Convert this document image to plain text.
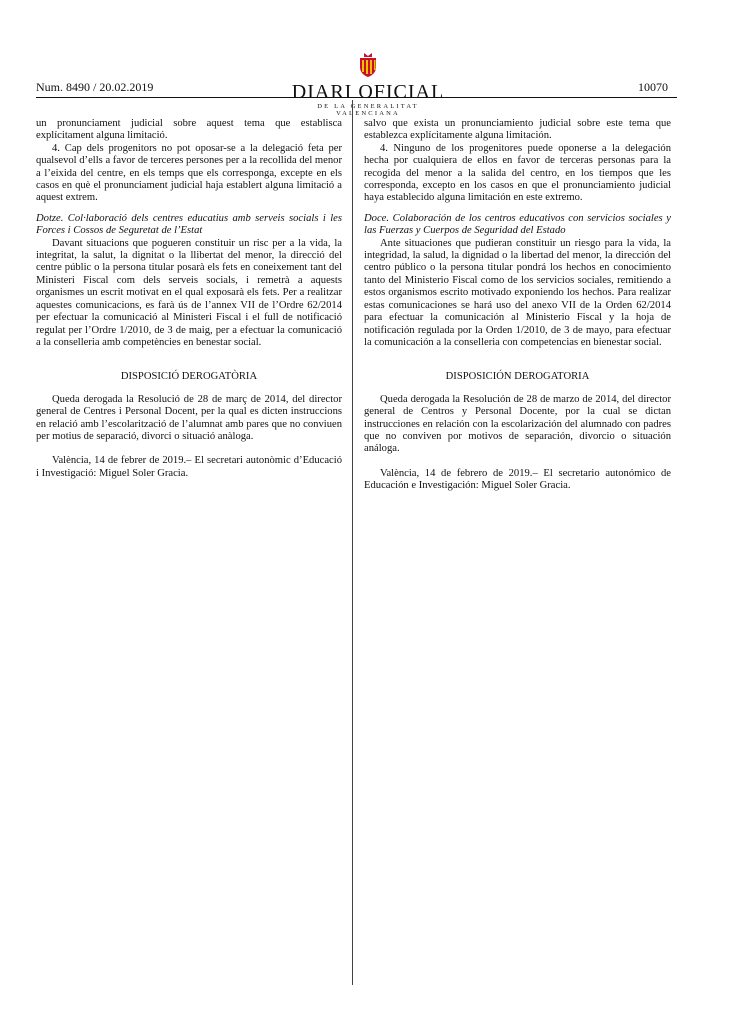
Num. 8490 / 20.02.2019	DIARI OFICIAL
DE LA GENERALITAT VALENCIANA
10070

un pronunciament judicial sobre aquest tema que establisca explícitament alguna limitació.

4. Cap dels progenitors no pot oposar-se a la delegació feta per qualsevol d’ells a favor de terceres persones per a la recollida del menor a l’eixida del centre, en els temps que els corresponga, excepte en els casos en què el pronunciament judicial haja establert alguna limitació a aquest extrem.

Dotze. Col·laboració dels centres educatius amb serveis socials i les Forces i Cossos de Seguretat de l’Estat

Davant situacions que pogueren constituir un risc per a la vida, la integritat, la salut, la dignitat o la llibertat del menor, la direcció del centre públic o la persona titular posarà els fets en coneixement tant del Ministeri Fiscal com dels serveis socials, i remetrà a aquests organismes un escrit motivat en el qual exposarà els fets. Per a realitzar aquestes comunicacions, es farà ús de l’annex VII de l’Ordre 62/2014 per efectuar la comunicació al Ministeri Fiscal i el full de notificació regulat per l’Ordre 1/2010, de 3 de maig, per a efectuar la comunicació a la conselleria amb competències en benestar social.

DISPOSICIÓ DEROGATÒRIA

Queda derogada la Resolució de 28 de març de 2014, del director general de Centres i Personal Docent, per la qual es dicten instruccions en relació amb l’escolarització de l’alumnat amb pares que no conviuen per motius de separació, divorci o situació anàloga.

València, 14 de febrer de 2019.– El secretari autonòmic d’Educació i Investigació: Miguel Soler Gracia.

salvo que exista un pronunciamiento judicial sobre este tema que establezca explícitamente alguna limitación.

4. Ninguno de los progenitores puede oponerse a la delegación hecha por cualquiera de ellos en favor de terceras personas para la recogida del menor a la salida del centro, en los tiempos que les corresponda, excepto en los casos en que el pronunciamiento judicial haya establecido alguna limitación en este extremo.

Doce. Colaboración de los centros educativos con servicios sociales y las Fuerzas y Cuerpos de Seguridad del Estado

Ante situaciones que pudieran constituir un riesgo para la vida, la integridad, la salud, la dignidad o la libertad del menor, la dirección del centro público o la persona titular pondrá los hechos en conocimiento tanto del Ministerio Fiscal como de los servicios sociales, remitiendo a estos organismos escrito motivado exponiendo los hechos. Para realizar estas comunicaciones se hará uso del anexo VII de la Orden 62/2014 para efectuar la comunicación al Ministerio Fiscal y la hoja de notificación regulada por la Orden 1/2010, de 3 de mayo, para efectuar la comunicación a la conselleria con competencias en bienestar social.

DISPOSICIÓN DEROGATORIA

Queda derogada la Resolución de 28 de marzo de 2014, del director general de Centros y Personal Docente, por la cual se dictan instrucciones en relación con la escolarización del alumnado con padres que no conviven por motivos de separación, divorcio o situación análoga.

València, 14 de febrero de 2019.– El secretario autonómico de Educación e Investigación: Miguel Soler Gracia.
